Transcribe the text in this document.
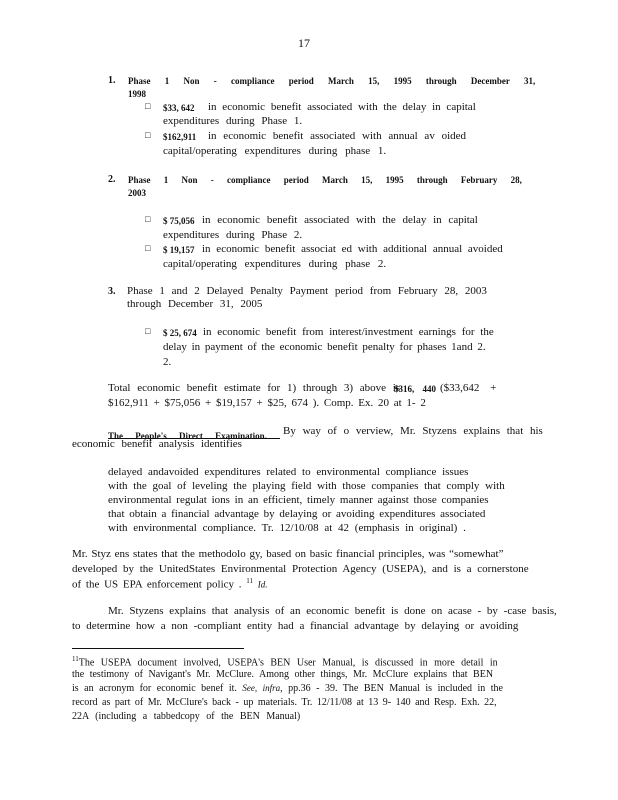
17
1. Phase 1 Non - compliance period March 15, 1995 through December 31,
1998
□ $33, 642 in economic benefit associated with the delay in capital
expenditures during Phase 1.
□ $162,911 in economic benefit associated with annual av oided
capital/operating expenditures during phase 1.
2. Phase 1 Non - compliance period March 15, 1995 through February 28,
2003
□ $ 75,056 in economic benefit associated with the delay in capital
expenditures during Phase 2.
□ $ 19,157 in economic benefit associat ed with additional annual avoided
capital/operating expenditures during phase 2.
3. Phase 1 and 2 Delayed Penalty Payment period from February 28, 2003
through December 31, 2005
□ $ 25, 674 in economic benefit from interest/investment earnings for the
delay in payment of the economic benefit penalty for phases 1and 2.
2.
Total economic benefit estimate for 1) through 3) above is
$316, 440 ($33,642 +
$162,911 + $75,056 + $19,157 + $25, 674 ). Comp. Ex. 20 at 1- 2
The People's Direct Examination.	By way of o verview, Mr. Styzens explains that his
economic benefit analysis identifies
delayed andavoided expenditures related to environmental compliance issues
with the goal of leveling the playing field with those companies that comply with
environmental regulat ions in an efficient, timely manner against those companies
that obtain a financial advantage by delaying or avoiding expenditures associated
with environmental compliance. Tr. 12/10/08 at 42 (emphasis in original) .
Mr. Styz ens states that the methodolo gy, based on basic financial principles, was “somewhat”
developed by the UnitedStates Environmental Protection Agency (USEPA), and is a cornerstone
of the US EPA enforcement policy . $^{11}$ Id.
Mr. Styzens explains that analysis of an economic benefit is done on acase - by -case basis,
to determine how a non -compliant entity had a financial advantage by delaying or avoiding
$^{11}$The USEPA document involved, USEPA's BEN User Manual, is discussed in more detail in
the testimony of Navigant's Mr. McClure. Among other things, Mr. McClure explains that BEN
is an acronym for economic benef it. See, infra, pp.36 - 39. The BEN Manual is included in the
record as part of Mr. McClure's back - up materials. Tr. 12/11/08 at 13 9- 140 and Resp. Exh. 22,
22A (including a tabbedcopy of the BEN Manual)
